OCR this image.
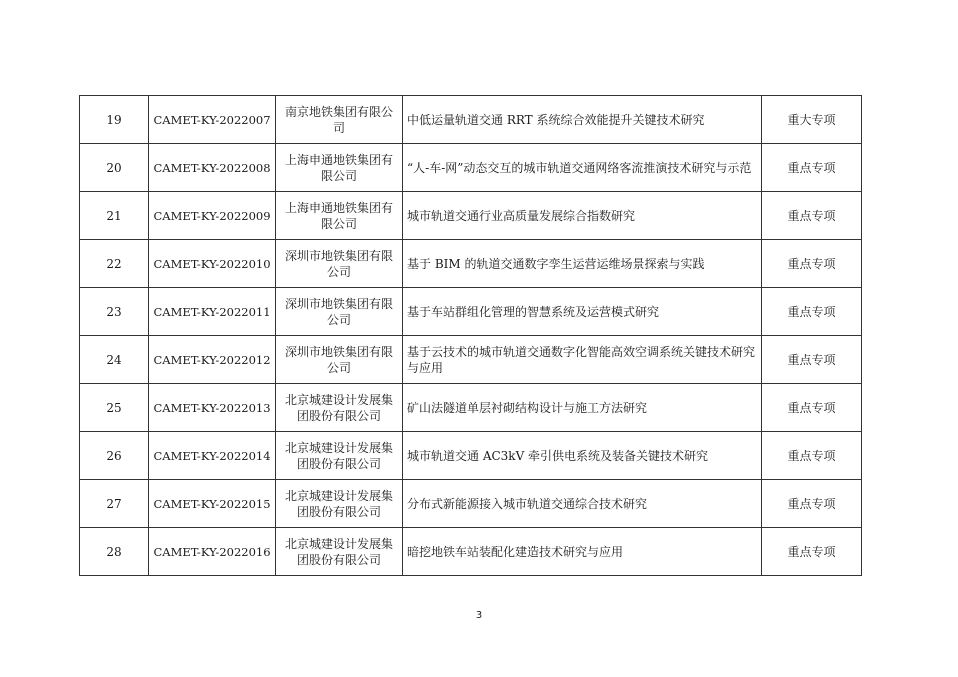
19	CAMET-KY-2022007	南京地铁集团有限公司	中低运量轨道交通 RRT 系统综合效能提升关键技术研究	重大专项
20	CAMET-KY-2022008	上海申通地铁集团有限公司	“人-车-网”动态交互的城市轨道交通网络客流推演技术研究与示范	重点专项
21	CAMET-KY-2022009	上海申通地铁集团有限公司	城市轨道交通行业高质量发展综合指数研究	重点专项
22	CAMET-KY-2022010	深圳市地铁集团有限公司	基于 BIM 的轨道交通数字孪生运营运维场景探索与实践	重点专项
23	CAMET-KY-2022011	深圳市地铁集团有限公司	基于车站群组化管理的智慧系统及运营模式研究	重点专项
24	CAMET-KY-2022012	深圳市地铁集团有限公司	基于云技术的城市轨道交通数字化智能高效空调系统关键技术研究与应用	重点专项
25	CAMET-KY-2022013	北京城建设计发展集团股份有限公司	矿山法隧道单层衬砌结构设计与施工方法研究	重点专项
26	CAMET-KY-2022014	北京城建设计发展集团股份有限公司	城市轨道交通 AC3kV 牵引供电系统及装备关键技术研究	重点专项
27	CAMET-KY-2022015	北京城建设计发展集团股份有限公司	分布式新能源接入城市轨道交通综合技术研究	重点专项
28	CAMET-KY-2022016	北京城建设计发展集团股份有限公司	暗挖地铁车站装配化建造技术研究与应用	重点专项
3
